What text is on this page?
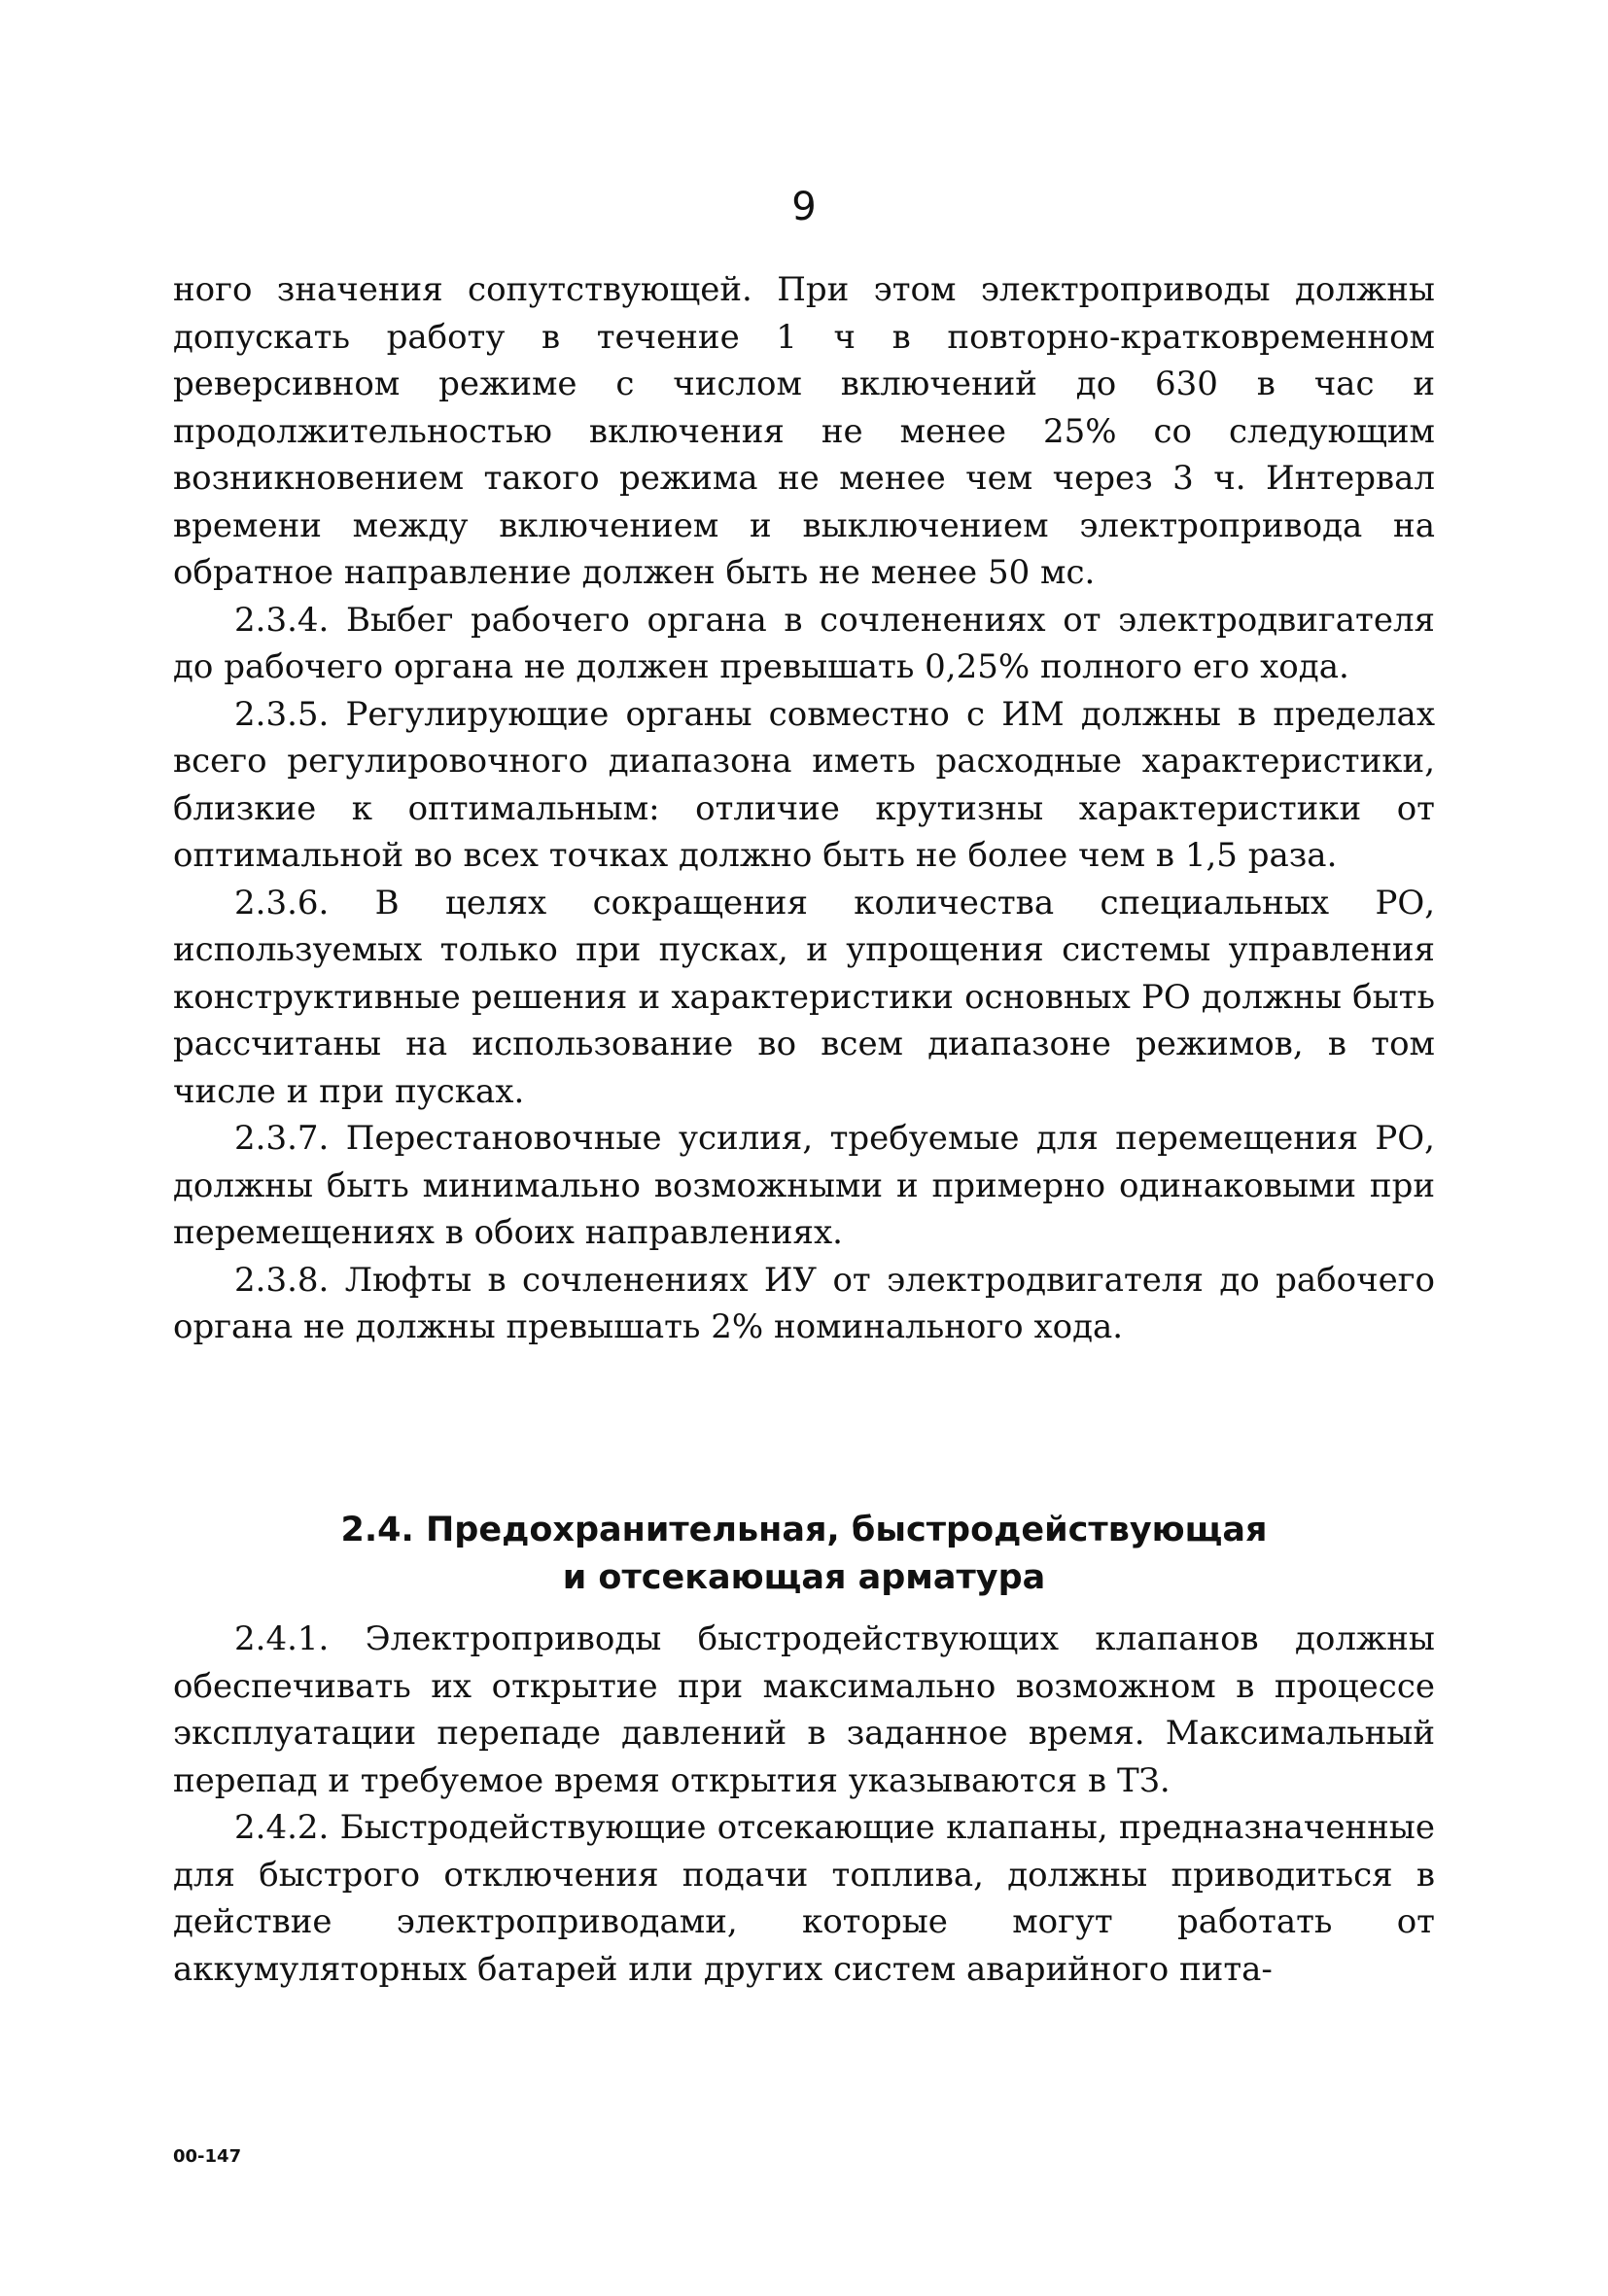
9

ного значения сопутствующей. При этом электроприводы должны допускать работу в течение 1 ч в повторно-кратковременном реверсивном режиме с числом включений до 630 в час и продолжительностью включения не менее 25% со следующим возникновением такого режима не менее чем через 3 ч. Интервал времени между включением и выключением электропривода на обратное направление должен быть не менее 50 мс.

2.3.4. Выбег рабочего органа в сочленениях от электродвигателя до рабочего органа не должен превышать 0,25% полного его хода.

2.3.5. Регулирующие органы совместно с ИМ должны в пределах всего регулировочного диапазона иметь расходные характеристики, близкие к оптимальным: отличие крутизны характеристики от оптимальной во всех точках должно быть не более чем в 1,5 раза.

2.3.6. В целях сокращения количества специальных РО, используемых только при пусках, и упрощения системы управления конструктивные решения и характеристики основных РО должны быть рассчитаны на использование во всем диапазоне режимов, в том числе и при пусках.

2.3.7. Перестановочные усилия, требуемые для перемещения РО, должны быть минимально возможными и примерно одинаковыми при перемещениях в обоих направлениях.

2.3.8. Люфты в сочленениях ИУ от электродвигателя до рабочего органа не должны превышать 2% номинального хода.

2.4. Предохранительная, быстродействующая
и отсекающая арматура

2.4.1. Электроприводы быстродействующих клапанов должны обеспечивать их открытие при максимально возможном в процессе эксплуатации перепаде давлений в заданное время. Максимальный перепад и требуемое время открытия указываются в ТЗ.

2.4.2. Быстродействующие отсекающие клапаны, предназначенные для быстрого отключения подачи топлива, должны приводиться в действие электроприводами, которые могут работать от аккумуляторных батарей или других систем аварийного пита-

00-147
